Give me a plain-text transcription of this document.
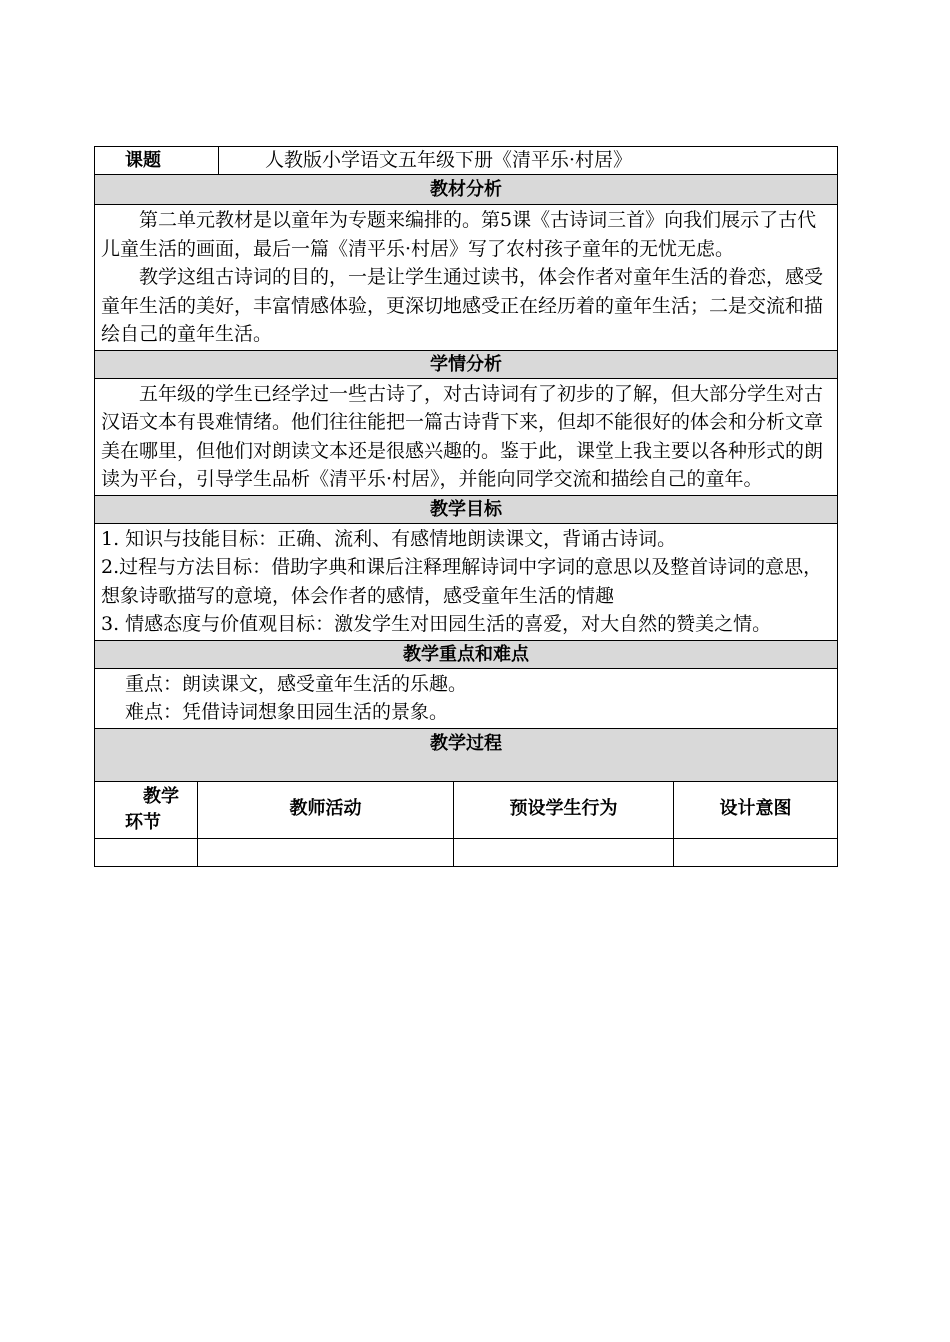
课题		人教版小学语文五年级下册《清平乐·村居》		
教材分析				

第二单元教材是以童年为专题来编排的。第5课《古诗词三首》向我们展示了古代儿童生活的画面，最后一篇《清平乐·村居》写了农村孩子童年的无忧无虑。

教学这组古诗词的目的，一是让学生通过读书，体会作者对童年生活的眷恋，感受童年生活的美好，丰富情感体验，更深切地感受正在经历着的童年生活；二是交流和描绘自己的童年生活。				

学情分析				

五年级的学生已经学过一些古诗了，对古诗词有了初步的了解，但大部分学生对古汉语文本有畏难情绪。他们往往能把一篇古诗背下来，但却不能很好的体会和分析文章美在哪里，但他们对朗读文本还是很感兴趣的。鉴于此，课堂上我主要以各种形式的朗读为平台，引导学生品析《清平乐·村居》，并能向同学交流和描绘自己的童年。				

教学目标				

1. 知识与技能目标：正确、流利、有感情地朗读课文，背诵古诗词。

2.过程与方法目标：借助字典和课后注释理解诗词中字词的意思以及整首诗词的意思，想象诗歌描写的意境，体会作者的感情，感受童年生活的情趣

3. 情感态度与价值观目标：激发学生对田园生活的喜爱，对大自然的赞美之情。				

教学重点和难点				

重点：朗读课文，感受童年生活的乐趣。

难点：凭借诗词想象田园生活的景象。				

教学过程				

教学
环节	教师活动		预设学生行为	设计意图
